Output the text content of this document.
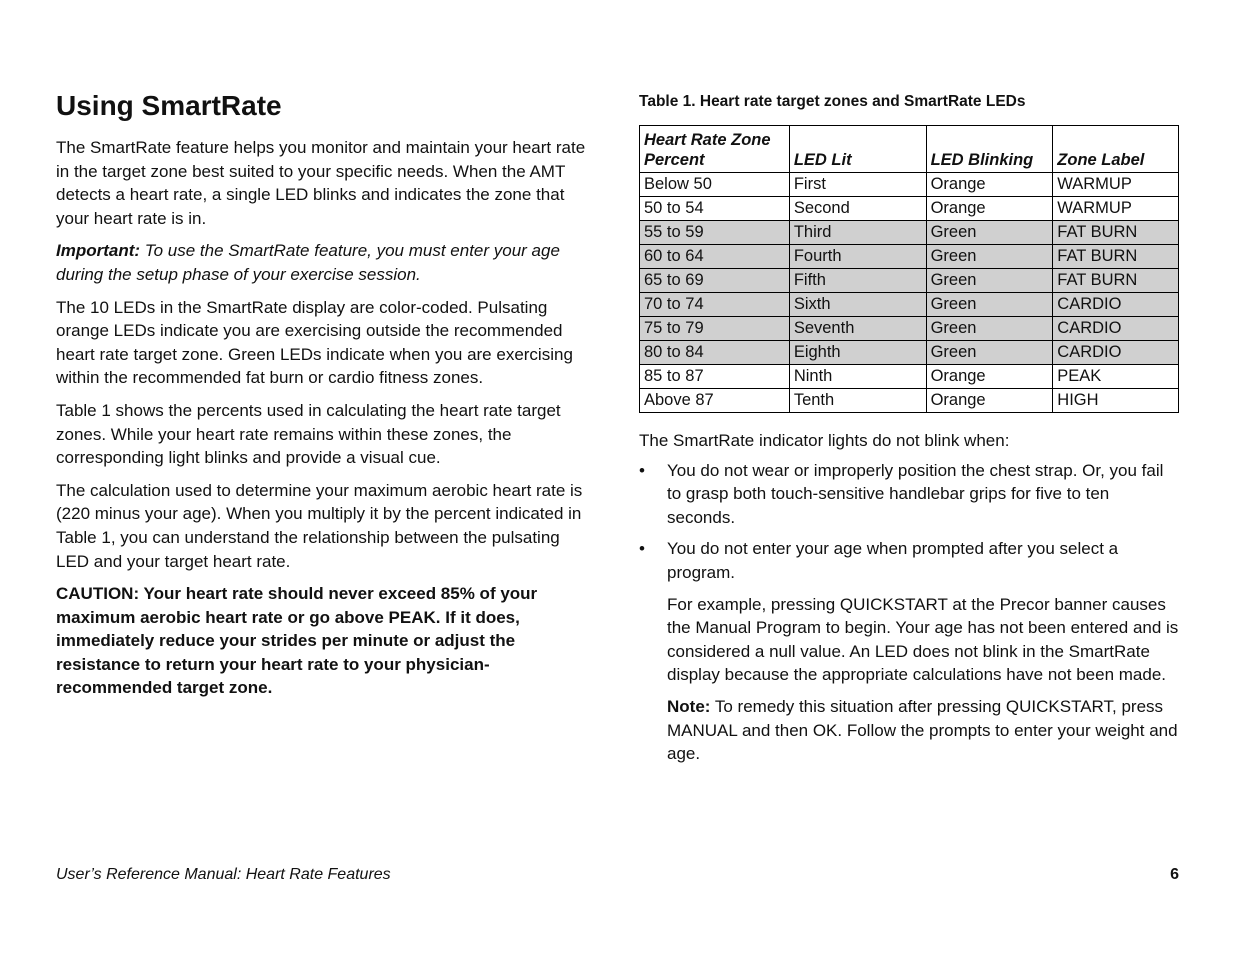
Using SmartRate

The SmartRate feature helps you monitor and maintain your heart rate in the target zone best suited to your specific needs. When the AMT detects a heart rate, a single LED blinks and indicates the zone that your heart rate is in.

Important: To use the SmartRate feature, you must enter your age during the setup phase of your exercise session.

The 10 LEDs in the SmartRate display are color-coded. Pulsating orange LEDs indicate you are exercising outside the recommended heart rate target zone. Green LEDs indicate when you are exercising within the recommended fat burn or cardio fitness zones.

Table 1 shows the percents used in calculating the heart rate target zones. While your heart rate remains within these zones, the corresponding light blinks and provide a visual cue.

The calculation used to determine your maximum aerobic heart rate is (220 minus your age). When you multiply it by the percent indicated in Table 1, you can understand the relationship between the pulsating LED and your target heart rate.

CAUTION: Your heart rate should never exceed 85% of your maximum aerobic heart rate or go above PEAK. If it does, immediately reduce your strides per minute or adjust the resistance to return your heart rate to your physician-recommended target zone.

Table 1. Heart rate target zones and SmartRate LEDs
Heart Rate Zone Percent	LED Lit	LED Blinking	Zone Label
Below 50	First	Orange	WARMUP
50 to 54	Second	Orange	WARMUP
55 to 59	Third	Green	FAT BURN
60 to 64	Fourth	Green	FAT BURN
65 to 69	Fifth	Green	FAT BURN
70 to 74	Sixth	Green	CARDIO
75 to 79	Seventh	Green	CARDIO
80 to 84	Eighth	Green	CARDIO
85 to 87	Ninth	Orange	PEAK
Above 87	Tenth	Orange	HIGH

The SmartRate indicator lights do not blink when:

• You do not wear or improperly position the chest strap. Or, you fail to grasp both touch-sensitive handlebar grips for five to ten seconds.
• You do not enter your age when prompted after you select a program.

For example, pressing QUICKSTART at the Precor banner causes the Manual Program to begin. Your age has not been entered and is considered a null value. An LED does not blink in the SmartRate display because the appropriate calculations have not been made.

Note: To remedy this situation after pressing QUICKSTART, press MANUAL and then OK. Follow the prompts to enter your weight and age.

User’s Reference Manual: Heart Rate Features	6
